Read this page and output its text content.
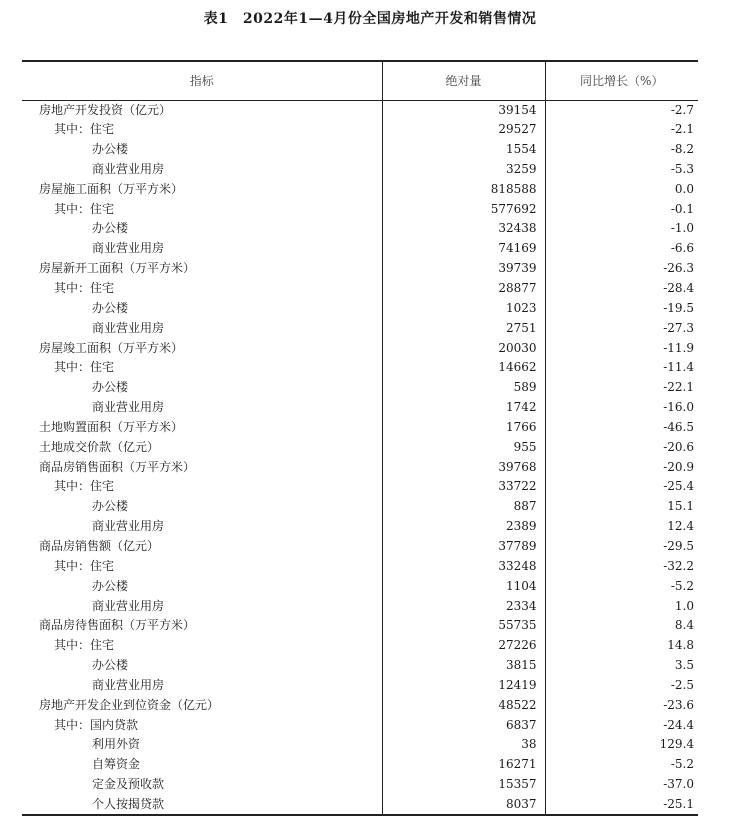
表1　2022年1—4月份全国房地产开发和销售情况
指标	绝对量	同比增长（%）
房地产开发投资（亿元）	39154	-2.7
其中：住宅	29527	-2.1
办公楼	1554	-8.2
商业营业用房	3259	-5.3
房屋施工面积（万平方米）	818588	0.0
其中：住宅	577692	-0.1
办公楼	32438	-1.0
商业营业用房	74169	-6.6
房屋新开工面积（万平方米）	39739	-26.3
其中：住宅	28877	-28.4
办公楼	1023	-19.5
商业营业用房	2751	-27.3
房屋竣工面积（万平方米）	20030	-11.9
其中：住宅	14662	-11.4
办公楼	589	-22.1
商业营业用房	1742	-16.0
土地购置面积（万平方米）	1766	-46.5
土地成交价款（亿元）	955	-20.6
商品房销售面积（万平方米）	39768	-20.9
其中：住宅	33722	-25.4
办公楼	887	15.1
商业营业用房	2389	12.4
商品房销售额（亿元）	37789	-29.5
其中：住宅	33248	-32.2
办公楼	1104	-5.2
商业营业用房	2334	1.0
商品房待售面积（万平方米）	55735	8.4
其中：住宅	27226	14.8
办公楼	3815	3.5
商业营业用房	12419	-2.5
房地产开发企业到位资金（亿元）	48522	-23.6
其中：国内贷款	6837	-24.4
利用外资	38	129.4
自筹资金	16271	-5.2
定金及预收款	15357	-37.0
个人按揭贷款	8037	-25.1
